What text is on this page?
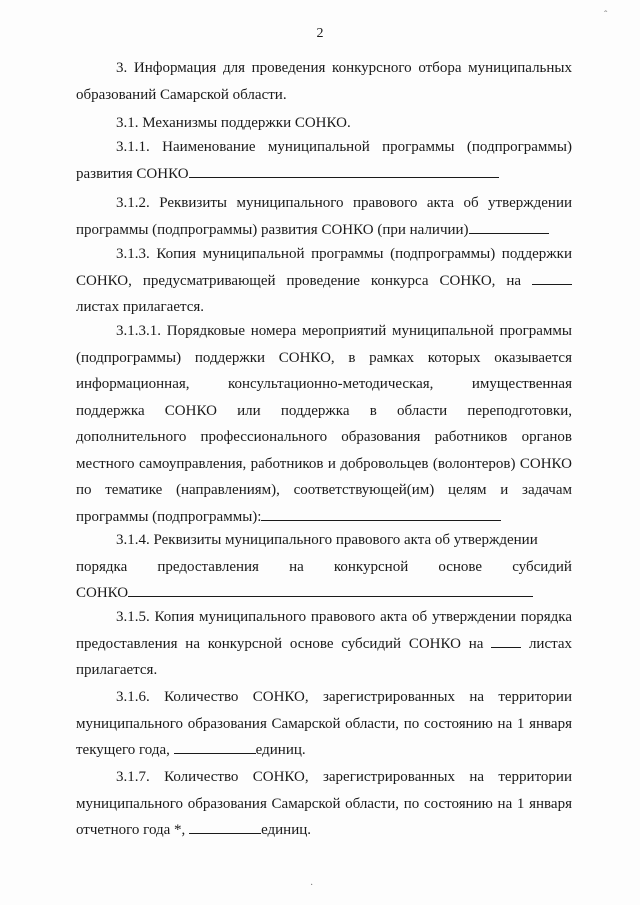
2

3. Информация для проведения конкурсного отбора муниципальных образований Самарской области.

3.1. Механизмы поддержки СОНКО.

3.1.1. Наименование муниципальной программы (подпрограммы) развития СОНКО

3.1.2. Реквизиты муниципального правового акта об утверждении программы (подпрограммы) развития СОНКО (при наличии)

3.1.3. Копия муниципальной программы (подпрограммы) поддержки СОНКО, предусматривающей проведение конкурса СОНКО, на  листах прилагается.

3.1.3.1. Порядковые номера мероприятий муниципальной программы (подпрограммы) поддержки СОНКО, в рамках которых оказывается информационная, консультационно-методическая, имущественная поддержка СОНКО или поддержка в области переподготовки, дополнительного профессионального образования работников органов местного самоуправления, работников и добровольцев (волонтеров) СОНКО по тематике (направлениям), соответствующей(им) целям и задачам программы (подпрограммы):

3.1.4. Реквизиты муниципального правового акта об утверждении
порядка предоставления на конкурсной основе субсидий
СОНКО

3.1.5. Копия муниципального правового акта об утверждении порядка предоставления на конкурсной основе субсидий СОНКО на	листах прилагается.

3.1.6. Количество СОНКО, зарегистрированных на территории муниципального образования Самарской области, по состоянию на 1 января текущего года,	единиц.

3.1.7. Количество СОНКО, зарегистрированных на территории муниципального образования Самарской области, по состоянию на 1 января отчетного года *,	единиц.

ˆ
·
